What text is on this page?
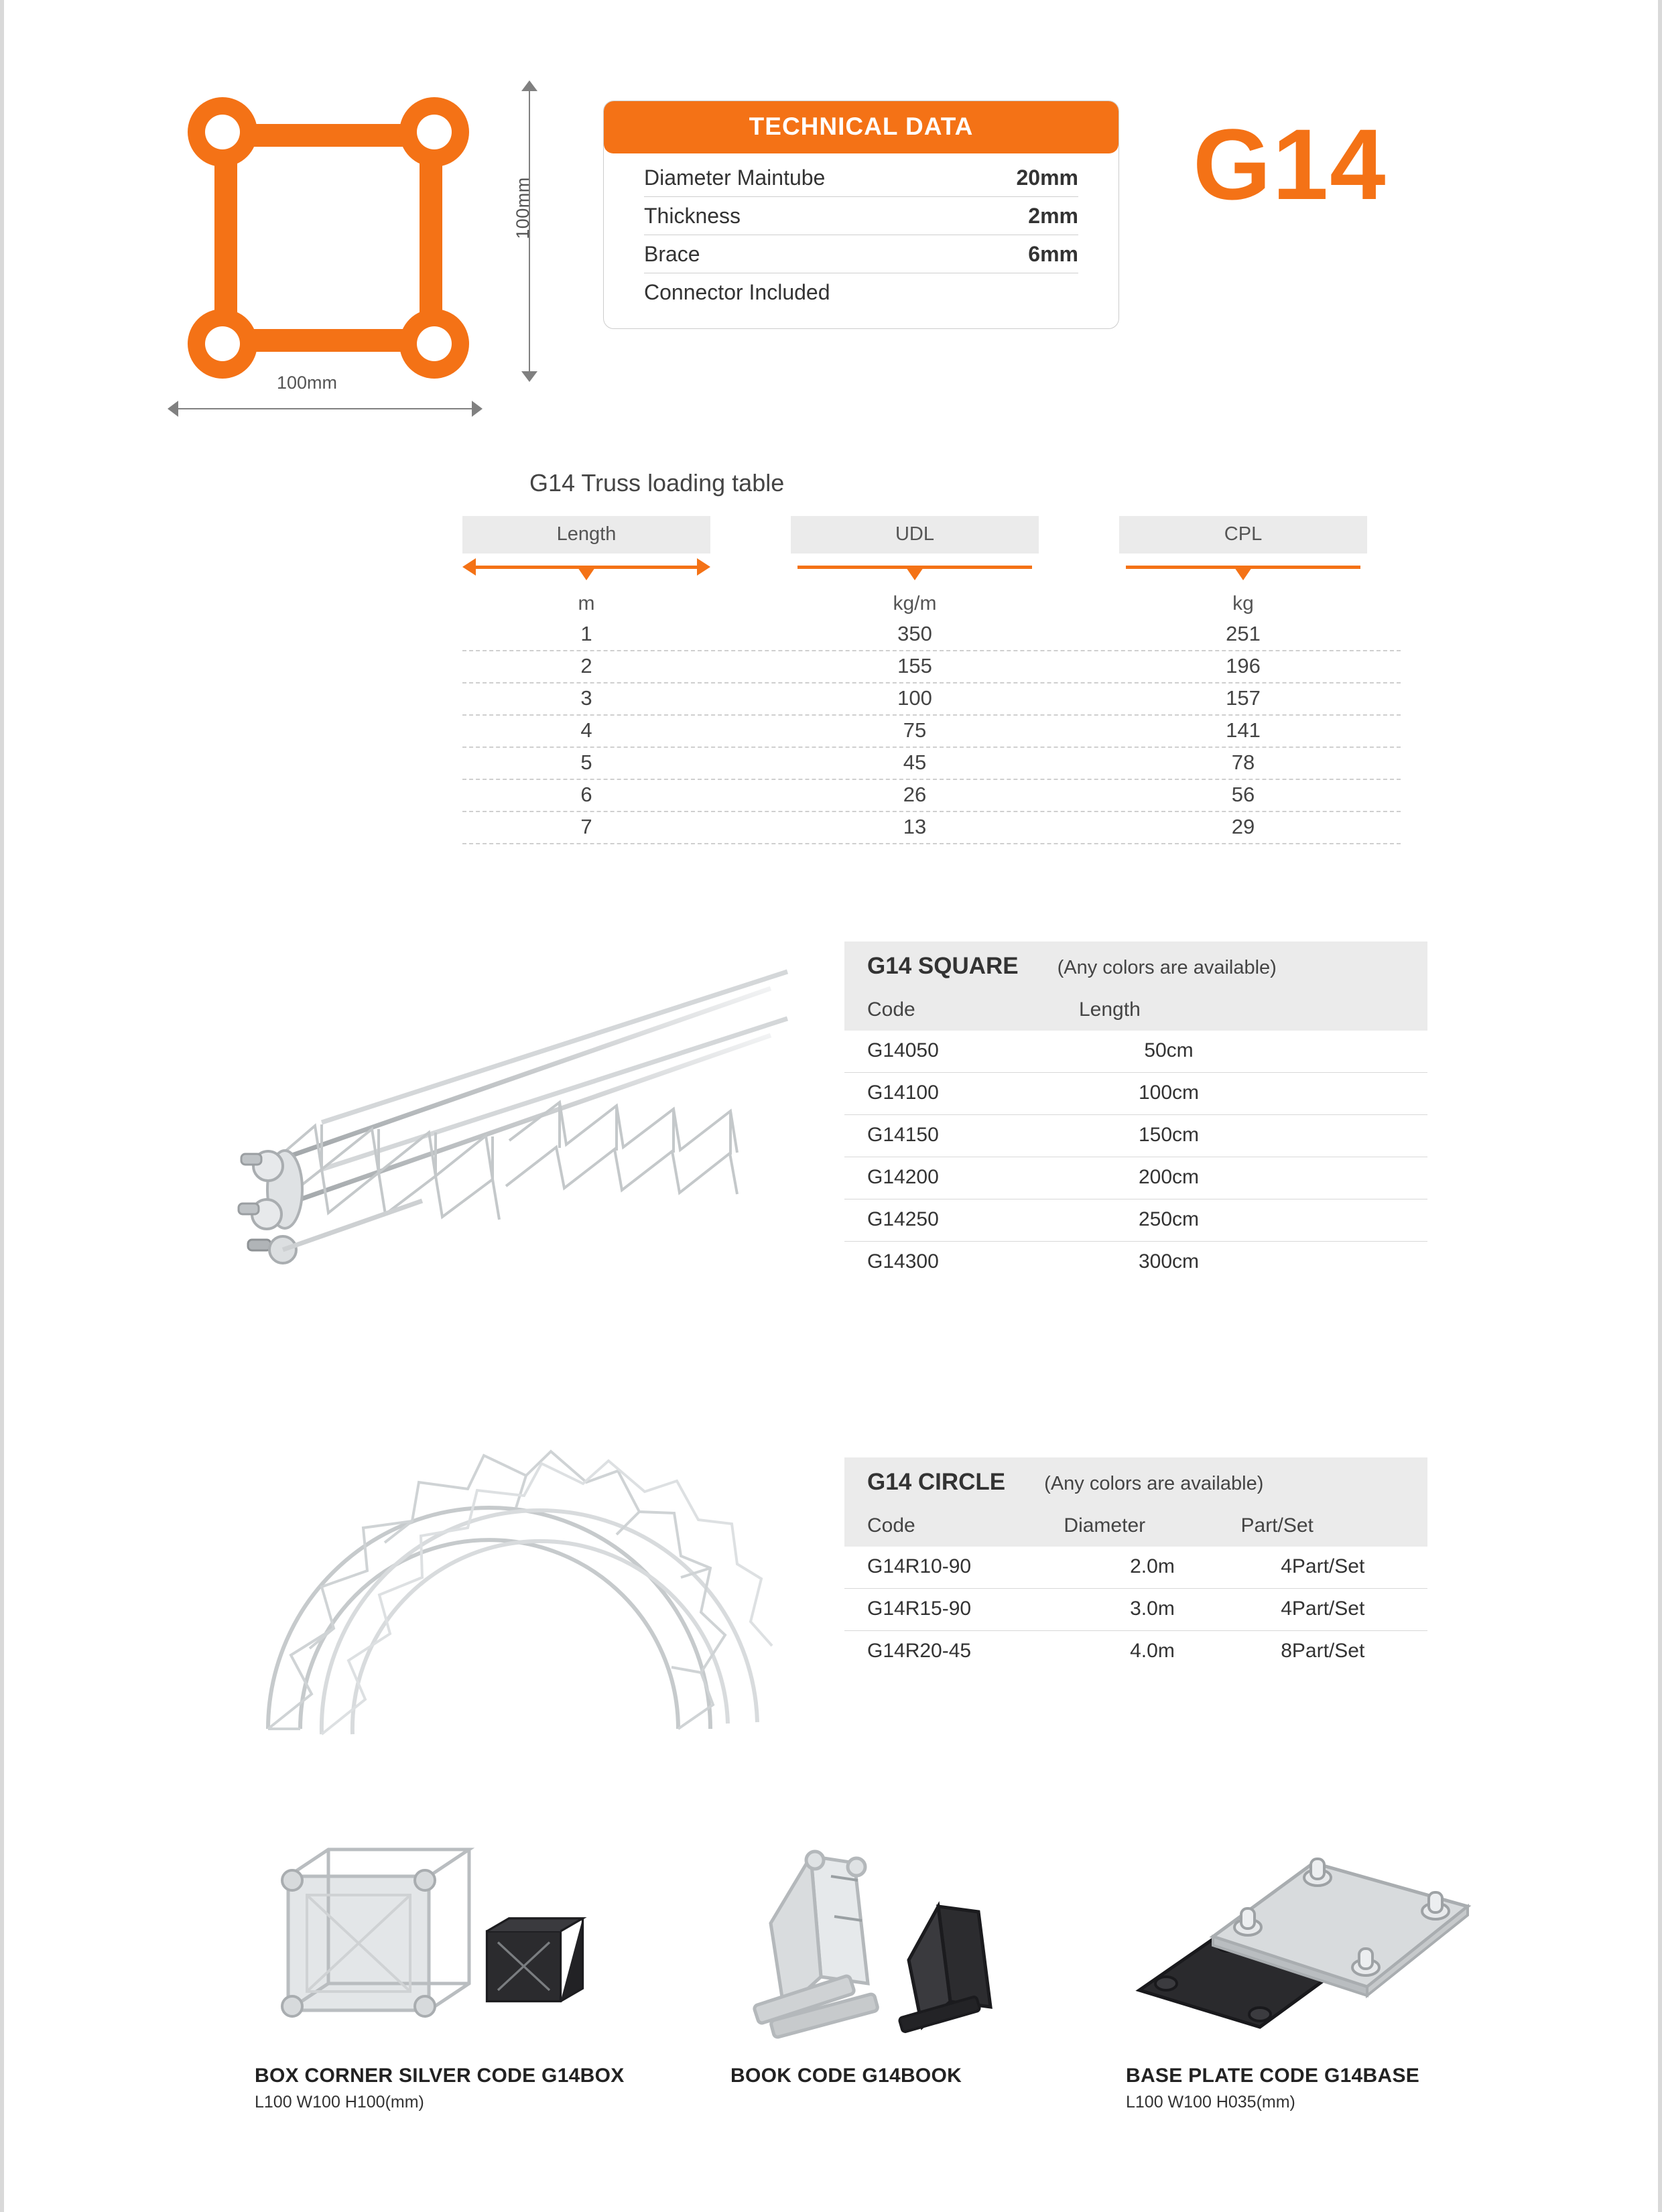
100mm
100mm
TECHNICAL DATA
Diameter Maintube	20mm
Thickness	2mm
Brace	6mm
Connector Included
G14
G14 Truss loading table
Length	UDL	CPL
m	kg/m	kg
1	350	251
2	155	196
3	100	157
4	75	141
5	45	78
6	26	56
7	13	29
G14 SQUARE (Any colors are available)
Code	Length
G14050	50cm
G14100	100cm
G14150	150cm
G14200	200cm
G14250	250cm
G14300	300cm
G14 CIRCLE (Any colors are available)
Code	Diameter	Part/Set
G14R10-90	2.0m	4Part/Set
G14R15-90	3.0m	4Part/Set
G14R20-45	4.0m	8Part/Set
BOX CORNER SILVER CODE G14BOX
L100 W100 H100(mm)
BOOK CODE G14BOOK	BASE PLATE CODE G14BASE
L100 W100 H035(mm)
